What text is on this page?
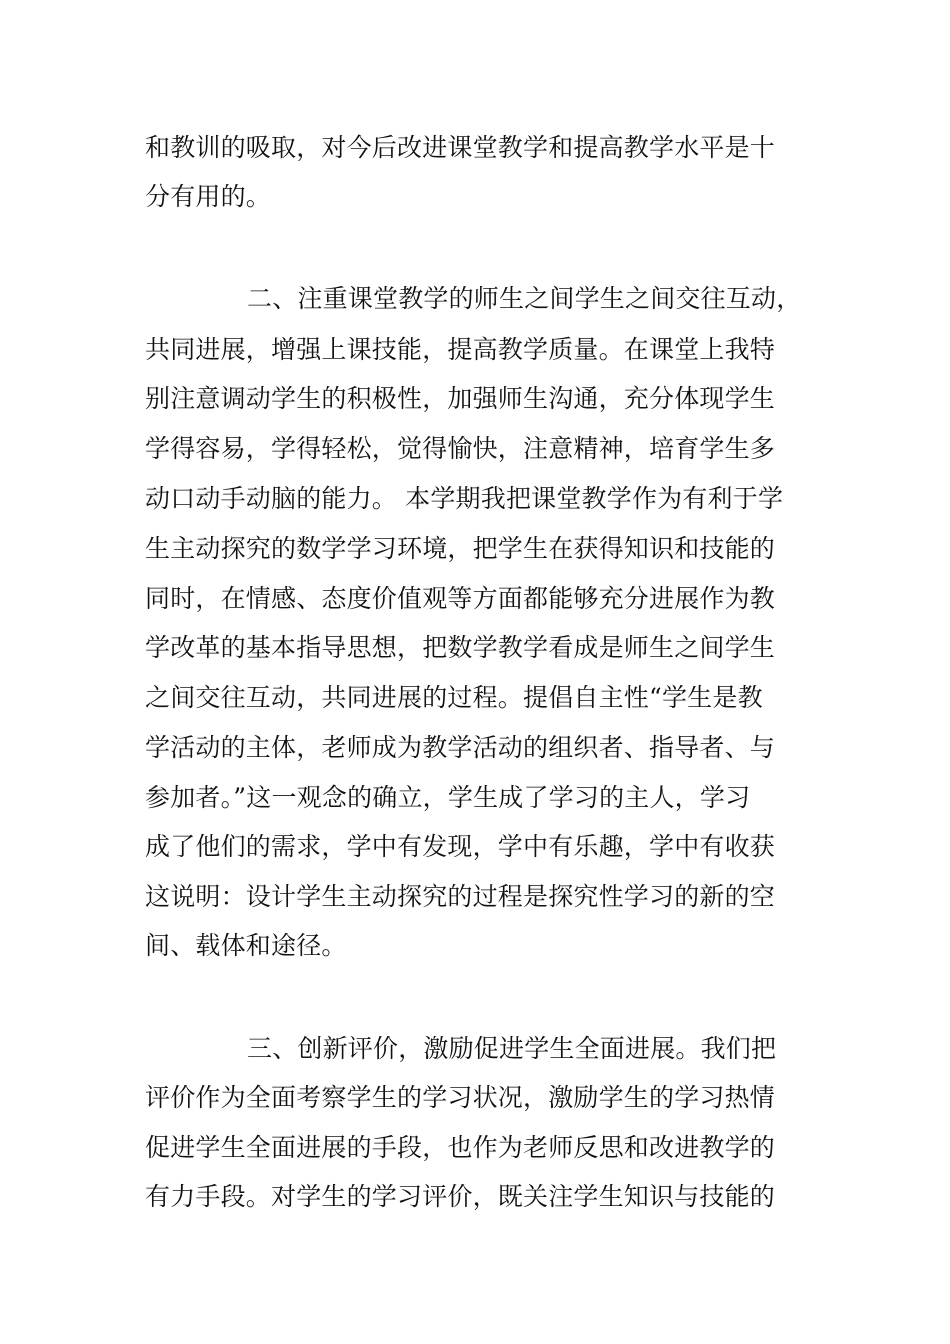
和教训的吸取，对今后改进课堂教学和提高教学水平是十
分有用的。
二、注重课堂教学的师生之间学生之间交往互动，
共同进展，增强上课技能，提高教学质量。在课堂上我特
别注意调动学生的积极性，加强师生沟通，充分体现学生
学得容易，学得轻松，觉得愉快，注意精神，培育学生多
动口动手动脑的能力。 本学期我把课堂教学作为有利于学
生主动探究的数学学习环境，把学生在获得知识和技能的
同时，在情感、态度价值观等方面都能够充分进展作为教
学改革的基本指导思想，把数学教学看成是师生之间学生
之间交往互动，共同进展的过程。提倡自主性“学生是教
学活动的主体，老师成为教学活动的组织者、指导者、与
参加者。”这一观念的确立，学生成了学习的主人，学习
成了他们的需求，学中有发现，学中有乐趣，学中有收获
这说明：设计学生主动探究的过程是探究性学习的新的空
间、载体和途径。
三、创新评价，激励促进学生全面进展。我们把
评价作为全面考察学生的学习状况，激励学生的学习热情
促进学生全面进展的手段，也作为老师反思和改进教学的
有力手段。对学生的学习评价，既关注学生知识与技能的
